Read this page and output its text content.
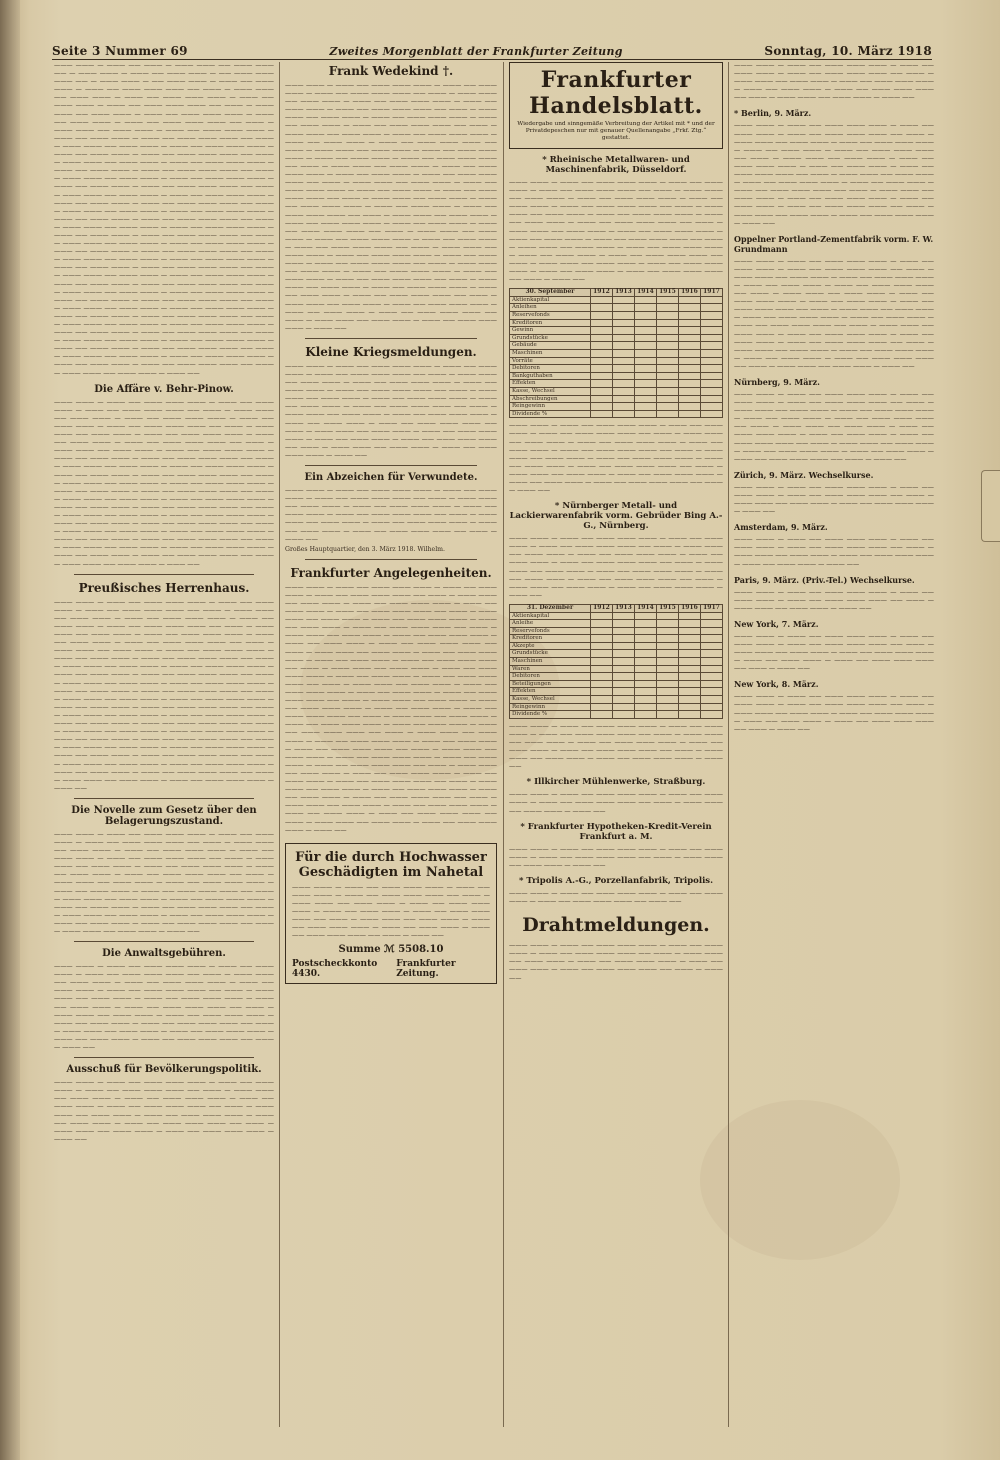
Seite 3 Nummer 69	Zweites Morgenblatt der Frankfurter Zeitung	Sonntag, 10. März 1918

​——— ——— — ——— —— ——— — ——— ——— —— ——— ——— —— — ——— ——— — ——— —— ——— ——— — —— ——— ——— ——— —— — ——— ——— — —— ——— ——— — ——— —— ——— ——— — ——— —— ——— ——— ——— —— ——— — ——— ——— —— ——— ——— — ——— —— ——— ——— ——— — ——— —— ——— ——— — ——— —— ——— ——— ——— —— ——— — ——— ——— —— ——— ——— — ——— —— ——— ——— ——— — ——— —— ——— ——— — ——— —— ——— ——— ——— —— ——— — ——— ——— —— ——— ——— — ——— —— ——— ——— ——— — ——— —— ——— ——— — ——— —— ——— ——— ——— —— ——— — ——— ——— —— ——— ——— — ——— —— ——— ——— ——— — ——— —— ——— ——— — ——— —— ——— ——— ——— —— ——— — ——— ——— —— ——— ——— — ——— —— ——— ——— ——— — ——— —— ——— ——— — ——— —— ——— ——— ——— —— ——— — ——— ——— —— ——— ——— — ——— —— ——— ——— ——— — ——— —— ——— ——— — ——— —— ——— ——— ——— —— ——— — ——— ——— —— ——— ——— — ——— —— ——— ——— ——— — ——— —— ——— ——— — ——— —— ——— ——— ——— —— ——— — ——— ——— —— ——— ——— — ——— —— ——— ——— ——— — ——— —— ——— ——— — ——— —— ——— ——— ——— —— ——— — ——— ——— —— ——— ——— — ——— —— ——— ——— ——— — ——— —— ——— ——— — ——— —— ——— ——— ——— —— ——— — ——— ——— —— ——— ——— — ——— —— ——— ——— ——— — ——— —— ——— ——— — ——— —— ——— ——— ——— —— ——— — ——— ——— —— ——— ——— — ——— —— ——— ——— ——— — ——— —— ——— ——— — ——— —— ——— ——— ——— —— ——— — ——— ——— —— ——— ——— — ——— —— ——— ——— ——— — ——— —— ——— ——— — ——— —— ——— ——— ——— —— ——— — ——— ——— —— ——— ——— — ——— —— ——— ——— ——— — ——— —— ——— ——— — ——— —— ——— ——— ——— —— ——— — ——— ——— —— ——— ——— — ——— —— ——— ——— ——— — ——— —— ——— ——— — ——— —— ——— ——— ——— —— ——— — ——— ——— —— ——— ——— — ——— —— ——— ——— ——— — ——— —— ——— ——— — ——— —— ——— ——— ——— —— ——— — ——— ——— —— ——— ——— — ——— —— ——— ——— ——— — ——— —— ——— ——— — ——— —— ——— ——— ——— —— ——— — ——— ——— —— ——— ——— — ——— —— ——— ——— ——— — ——— —— ——— ——— — ——— —— ——— ——— ——— —— ——— — ——— ——— —— ——— ——— — ——— ——

Die Affäre v. Behr-Pinow.

——— ——— — ——— —— ——— ——— ——— — ——— —— ——— ——— — ——— —— ——— ——— ——— —— ——— — ——— ——— —— ——— ——— — ——— —— ——— ——— ——— — ——— —— ——— ——— — ——— —— ——— ——— ——— —— ——— — ——— ——— —— ——— ——— — ——— —— ——— ——— ——— — ——— —— ——— ——— — ——— —— ——— ——— ——— —— ——— — ——— ——— —— ——— ——— — ——— —— ——— ——— ——— — ——— —— ——— ——— — ——— —— ——— ——— ——— —— ——— — ——— ——— —— ——— ——— — ——— —— ——— ——— ——— — ——— —— ——— ——— — ——— —— ——— ——— ——— —— ——— — ——— ——— —— ——— ——— — ——— —— ——— ——— ——— — ——— —— ——— ——— — ——— —— ——— ——— ——— —— ——— — ——— ——— —— ——— ——— — ——— —— ——— ——— ——— — ——— —— ——— ——— — ——— —— ——— ——— ——— —— ——— — ——— ——— —— ——— ——— — ——— —— ——— ——— ——— — ——— —— ——— ——— — ——— —— ——— ——— ——— —— ——— — ——— ——— —— ——— ——— — ——— —— ——— ——— ——— — ——— —— ——— ——— — ——— —— ——— ——— ——— —— ——— — ——— ——— —— ——— ——— — ——— —— ——— ——— ——— — ——— —— ——— ——— — ——— —— ——— ——— ——— —— ——— — ——— ——— —— ——— ——— — ——— ——

Preußisches Herrenhaus.

——— ——— — ——— —— ——— ——— ——— — ——— —— ——— ——— — ——— —— ——— ——— ——— —— ——— — ——— ——— —— ——— ——— — ——— —— ——— ——— ——— — ——— —— ——— ——— — ——— —— ——— ——— ——— —— ——— — ——— ——— —— ——— ——— — ——— —— ——— ——— ——— — ——— —— ——— ——— — ——— —— ——— ——— ——— —— ——— — ——— ——— —— ——— ——— — ——— —— ——— ——— ——— — ——— —— ——— ——— — ——— —— ——— ——— ——— —— ——— — ——— ——— —— ——— ——— — ——— —— ——— ——— ——— — ——— —— ——— ——— — ——— —— ——— ——— ——— —— ——— — ——— ——— —— ——— ——— — ——— —— ——— ——— ——— — ——— —— ——— ——— — ——— —— ——— ——— ——— —— ——— — ——— ——— —— ——— ——— — ——— —— ——— ——— ——— — ——— —— ——— ——— — ——— —— ——— ——— ——— —— ——— — ——— ——— —— ——— ——— — ——— —— ——— ——— ——— — ——— —— ——— ——— — ——— —— ——— ——— ——— —— ——— — ——— ——— —— ——— ——— — ——— —— ——— ——— ——— — ——— —— ——— ——— — ——— —— ——— ——— ——— —— ——— — ——— ——— —— ——— ——— — ——— —— ——— ——— ——— — ——— —— ——— ——— — ——— —— ——— ——— ——— —— ——— — ——— ——— —— ——— ——— — ——— —— ——— ——— ——— — ——— —— ——— ——— — ——— —— ——— ——— ——— —— ——— — ——— ——— —— ——— ——— — ——— —— ——— ——— ——— — ——— ——

Die Novelle zum Gesetz über den Belagerungszustand.

——— ——— — ——— —— ——— ——— ——— — ——— —— ——— ——— — ——— —— ——— ——— ——— —— ——— — ——— ——— —— ——— ——— — ——— —— ——— ——— ——— — ——— —— ——— ——— — ——— —— ——— ——— ——— —— ——— — ——— ——— —— ——— ——— — ——— —— ——— ——— ——— — ——— —— ——— ——— — ——— —— ——— ——— ——— —— ——— — ——— ——— —— ——— ——— — ——— —— ——— ——— ——— — ——— —— ——— ——— — ——— —— ——— ——— ——— —— ——— — ——— ——— —— ——— ——— — ——— —— ——— ——— ——— — ——— —— ——— ——— — ——— —— ——— ——— ——— —— ——— — ——— ——— —— ——— ——— — ——— —— ——— ——— ——— — ——— —— ——— ——— — ——— —— ——— ——— ——— —— ——— — ——— ——— —— ——— ——— — ——— ——

Die Anwaltsgebühren.

——— ——— — ——— —— ——— ——— ——— — ——— —— ——— ——— — ——— —— ——— ——— ——— —— ——— — ——— ——— —— ——— ——— — ——— —— ——— ——— ——— — ——— —— ——— ——— — ——— —— ——— ——— ——— —— ——— — ——— ——— —— ——— ——— — ——— —— ——— ——— ——— — ——— —— ——— ——— — ——— —— ——— ——— ——— —— ——— — ——— ——— —— ——— ——— — ——— —— ——— ——— ——— — ——— —— ——— ——— — ——— —— ——— ——— ——— —— ——— — ——— ——— —— ——— ——— — ——— —— ——— ——— ——— — ——— —— ——— ——— — ——— —— ——— ——— ——— —— ——— — ——— ——

Ausschuß für Bevölkerungspolitik.

——— ——— — ——— —— ——— ——— ——— — ——— —— ——— ——— — ——— —— ——— ——— ——— —— ——— — ——— ——— —— ——— ——— — ——— —— ——— ——— ——— — ——— —— ——— ——— — ——— —— ——— ——— ——— —— ——— — ——— ——— —— ——— ——— — ——— —— ——— ——— ——— — ——— —— ——— ——— — ——— —— ——— ——— ——— —— ——— — ——— ——— —— ——— ——— — ——— —— ——— ——— ——— — ——— ——

Frank Wedekind †.

——— ——— — ——— —— ——— ——— ——— — ——— —— ——— ——— — ——— —— ——— ——— ——— —— ——— — ——— ——— —— ——— ——— — ——— —— ——— ——— ——— — ——— —— ——— ——— — ——— —— ——— ——— ——— —— ——— — ——— ——— —— ——— ——— — ——— —— ——— ——— ——— — ——— —— ——— ——— — ——— —— ——— ——— ——— —— ——— — ——— ——— —— ——— ——— — ——— —— ——— ——— ——— — ——— —— ——— ——— — ——— —— ——— ——— ——— —— ——— — ——— ——— —— ——— ——— — ——— —— ——— ——— ——— — ——— —— ——— ——— — ——— —— ——— ——— ——— —— ——— — ——— ——— —— ——— ——— — ——— —— ——— ——— ——— — ——— —— ——— ——— — ——— —— ——— ——— ——— —— ——— — ——— ——— —— ——— ——— — ——— —— ——— ——— ——— — ——— —— ——— ——— — ——— —— ——— ——— ——— —— ——— — ——— ——— —— ——— ——— — ——— —— ——— ——— ——— — ——— —— ——— ——— — ——— —— ——— ——— ——— —— ——— — ——— ——— —— ——— ——— — ——— —— ——— ——— ——— — ——— —— ——— ——— — ——— —— ——— ——— ——— —— ——— — ——— ——— —— ——— ——— — ——— —— ——— ——— ——— — ——— —— ——— ——— — ——— —— ——— ——— ——— —— ——— — ——— ——— —— ——— ——— — ——— —— ——— ——— ——— — ——— —— ——— ——— — ——— —— ——— ——— ——— —— ——— — ——— ——— —— ——— ——— — ——— —— ——— ——— ——— — ——— —— ——— ——— — ——— —— ——— ——— ——— —— ——— — ——— ——— —— ——— ——— — ——— —— ——— ——— ——— — ——— —— ——— ——— — ——— —— ——— ——— ——— —— ——— — ——— ——— —— ——— ——— — ——— —— ——— ——— ——— — ——— —— ——— ——— — ——— —— ——— ——— ——— —— ——— — ——— ——— —— ——— ——— — ——— —— ——— ——— ——— — ——— ——

Kleine Kriegsmeldungen.

——— ——— — ——— —— ——— ——— ——— — ——— —— ——— ——— — ——— —— ——— ——— ——— —— ——— — ——— ——— —— ——— ——— — ——— —— ——— ——— ——— — ——— —— ——— ——— — ——— —— ——— ——— ——— —— ——— — ——— ——— —— ——— ——— — ——— —— ——— ——— ——— — ——— —— ——— ——— — ——— —— ——— ——— ——— —— ——— — ——— ——— —— ——— ——— — ——— —— ——— ——— ——— — ——— —— ——— ——— — ——— —— ——— ——— ——— —— ——— — ——— ——— —— ——— ——— — ——— —— ——— ——— ——— — ——— —— ——— ——— — ——— —— ——— ——— ——— —— ——— — ——— ——— —— ——— ——— — ——— —— ——— ——— ——— — ——— ——

Ein Abzeichen für Verwundete.

——— ——— — ——— —— ——— ——— ——— — ——— —— ——— ——— — ——— —— ——— ——— ——— —— ——— — ——— ——— —— ——— ——— — ——— —— ——— ——— ——— — ——— —— ——— ——— — ——— —— ——— ——— ——— —— ——— — ——— ——— —— ——— ——— — ——— —— ——— ——— ——— — ——— —— ——— ——— — ——— —— ——— ——— ——— —— ——— — ——— ——

Großes Hauptquartier, den 3. März 1918. Wilhelm.

Frankfurter Angelegenheiten.

——— ——— — ——— —— ——— ——— ——— — ——— —— ——— ——— — ——— —— ——— ——— ——— —— ——— — ——— ——— —— ——— ——— — ——— —— ——— ——— ——— — ——— —— ——— ——— — ——— —— ——— ——— ——— —— ——— — ——— ——— —— ——— ——— — ——— —— ——— ——— ——— — ——— —— ——— ——— — ——— —— ——— ——— ——— —— ——— — ——— ——— —— ——— ——— — ——— —— ——— ——— ——— — ——— —— ——— ——— — ——— —— ——— ——— ——— —— ——— — ——— ——— —— ——— ——— — ——— —— ——— ——— ——— — ——— —— ——— ——— — ——— —— ——— ——— ——— —— ——— — ——— ——— —— ——— ——— — ——— —— ——— ——— ——— — ——— —— ——— ——— — ——— —— ——— ——— ——— —— ——— — ——— ——— —— ——— ——— — ——— —— ——— ——— ——— — ——— —— ——— ——— — ——— —— ——— ——— ——— —— ——— — ——— ——— —— ——— ——— — ——— —— ——— ——— ——— — ——— —— ——— ——— — ——— —— ——— ——— ——— —— ——— — ——— ——— —— ——— ——— — ——— —— ——— ——— ——— — ——— —— ——— ——— — ——— —— ——— ——— ——— —— ——— — ——— ——— —— ——— ——— — ——— —— ——— ——— ——— — ——— —— ——— ——— — ——— —— ——— ——— ——— —— ——— — ——— ——— —— ——— ——— — ——— —— ——— ——— ——— — ——— —— ——— ——— — ——— —— ——— ——— ——— —— ——— — ——— ——— —— ——— ——— — ——— —— ——— ——— ——— — ——— —— ——— ——— — ——— —— ——— ——— ——— —— ——— — ——— ——— —— ——— ——— — ——— —— ——— ——— ——— — ——— —— ——— ——— — ——— —— ——— ——— ——— —— ——— — ——— ——— —— ——— ——— — ——— —— ——— ——— ——— — ——— —— ——— ——— — ——— —— ——— ——— ——— —— ——— — ——— ——— —— ——— ——— — ——— —— ——— ——— ——— — ——— ——

Für die durch Hochwasser Geschädigten im Nahetal

——— ——— — ——— —— ——— ——— ——— — ——— —— ——— ——— — ——— —— ——— ——— ——— —— ——— — ——— ——— —— ——— ——— — ——— —— ——— ——— ——— — ——— —— ——— ——— — ——— —— ——— ——— ——— —— ——— — ——— ——— —— ——— ——— — ——— —— ——— ——— ——— — ——— —— ——— ——— — ——— —— ——— ——— ——— —— ——— — ——— ——

Summe ℳ 5508.10
Postscheckkonto 4430.
Frankfurter Zeitung.
Frankfurter Handelsblatt.

Wiedergabe und sinngemäße Verbreitung der Artikel mit * und der Privatdepeschen nur mit genauer Quellenangabe „Frkf. Ztg.“ gestattet.

* Rheinische Metallwaren- und Maschinenfabrik, Düsseldorf.

——— ——— — ——— —— ——— ——— ——— — ——— —— ——— ——— — ——— —— ——— ——— ——— —— ——— — ——— ——— —— ——— ——— — ——— —— ——— ——— ——— — ——— —— ——— ——— — ——— —— ——— ——— ——— —— ——— — ——— ——— —— ——— ——— — ——— —— ——— ——— ——— — ——— —— ——— ——— — ——— —— ——— ——— ——— —— ——— — ——— ——— —— ——— ——— — ——— —— ——— ——— ——— — ——— —— ——— ——— — ——— —— ——— ——— ——— —— ——— — ——— ——— —— ——— ——— — ——— —— ——— ——— ——— — ——— —— ——— ——— — ——— —— ——— ——— ——— —— ——— — ——— ——— —— ——— ——— — ——— —— ——— ——— ——— — ——— —— ——— ——— — ——— —— ——— ——— ——— —— ——— — ——— ——

30. September	1912	1913	1914	1915	1916	1917
Aktienkapital						
Anleihen						
Reservefonds						
Kreditoren						
Gewinn						
Grundstücke						
Gebäude						
Maschinen						
Vorräte						
Debitoren						
Bankguthaben						
Effekten						
Kasse, Wechsel						
Abschreibungen						
Reingewinn						
Dividende %						

——— ——— — ——— —— ——— ——— ——— — ——— —— ——— ——— — ——— —— ——— ——— ——— —— ——— — ——— ——— —— ——— ——— — ——— —— ——— ——— ——— — ——— —— ——— ——— — ——— —— ——— ——— ——— —— ——— — ——— ——— —— ——— ——— — ——— —— ——— ——— ——— — ——— —— ——— ——— — ——— —— ——— ——— ——— —— ——— — ——— ——— —— ——— ——— — ——— —— ——— ——— ——— — ——— —— ——— ——— — ——— —— ——— ——— ——— —— ——— — ——— ——

* Nürnberger Metall- und Lackierwarenfabrik vorm. Gebrüder Bing A.-G., Nürnberg.

——— ——— — ——— —— ——— ——— ——— — ——— —— ——— ——— — ——— —— ——— ——— ——— —— ——— — ——— ——— —— ——— ——— — ——— —— ——— ——— ——— — ——— —— ——— ——— — ——— —— ——— ——— ——— —— ——— — ——— ——— —— ——— ——— — ——— —— ——— ——— ——— — ——— —— ——— ——— — ——— —— ——— ——— ——— —— ——— — ——— ——— —— ——— ——— — ——— —— ——— ——— ——— — ——— ——

31. Dezember	1912	1913	1914	1915	1916	1917
Aktienkapital						
Anleihe						
Reservefonds						
Kreditoren						
Akzepte						
Grundstücke						
Maschinen						
Waren						
Debitoren						
Beteiligungen						
Effekten						
Kasse, Wechsel						
Reingewinn						
Dividende %						

——— ——— — ——— —— ——— ——— ——— — ——— —— ——— ——— — ——— —— ——— ——— ——— —— ——— — ——— ——— —— ——— ——— — ——— —— ——— ——— ——— — ——— —— ——— ——— — ——— —— ——— ——— ——— —— ——— — ——— ——— —— ——— ——— — ——— —— ——— ——— ——— — ——— ——

* Illkircher Mühlenwerke, Straßburg.

——— ——— — ——— —— ——— ——— ——— — ——— —— ——— ——— — ——— —— ——— ——— ——— —— ——— — ——— ——— —— ——— ——— — ——— ——

* Frankfurter Hypotheken-Kredit-Verein Frankfurt a. M.

——— ——— — ——— —— ——— ——— ——— — ——— —— ——— ——— — ——— —— ——— ——— ——— —— ——— — ——— ——— —— ——— ——— — ——— ——

* Tripolis A.-G., Porzellanfabrik, Tripolis.

——— ——— — ——— —— ——— ——— ——— — ——— —— ——— ——— — ——— —— ——— ——— ——— —— ——— ——

Drahtmeldungen.

——— ——— — ——— —— ——— ——— ——— — ——— —— ——— ——— — ——— —— ——— ——— ——— —— ——— — ——— ——— —— ——— ——— — ——— —— ——— ——— ——— — ——— —— ——— ——— — ——— —— ——— ——— ——— —— ——— — ——— ——

——— ——— — ——— —— ——— ——— ——— — ——— —— ——— ——— — ——— —— ——— ——— ——— —— ——— — ——— ——— —— ——— ——— — ——— —— ——— ——— ——— — ——— —— ——— ——— — ——— —— ——— ——— ——— —— ——— — ——— ——— —— ——— ——— — ——— ——

* Berlin, 9. März.

——— ——— — ——— —— ——— ——— ——— — ——— —— ——— ——— — ——— —— ——— ——— ——— —— ——— — ——— ——— —— ——— ——— — ——— —— ——— ——— ——— — ——— —— ——— ——— — ——— —— ——— ——— ——— —— ——— — ——— ——— —— ——— ——— — ——— —— ——— ——— ——— — ——— —— ——— ——— — ——— —— ——— ——— ——— —— ——— — ——— ——— —— ——— ——— — ——— —— ——— ——— ——— — ——— —— ——— ——— — ——— —— ——— ——— ——— —— ——— — ——— ——— —— ——— ——— — ——— —— ——— ——— ——— — ——— —— ——— ——— — ——— —— ——— ——— ——— —— ——— — ——— ——— —— ——— ——— — ——— —— ——— ——— ——— — ——— ——

Oppelner Portland-Zementfabrik vorm. F. W. Grundmann

——— ——— — ——— —— ——— ——— ——— — ——— —— ——— ——— — ——— —— ——— ——— ——— —— ——— — ——— ——— —— ——— ——— — ——— —— ——— ——— ——— — ——— —— ——— ——— — ——— —— ——— ——— ——— —— ——— — ——— ——— —— ——— ——— — ——— —— ——— ——— ——— — ——— —— ——— ——— — ——— —— ——— ——— ——— —— ——— — ——— ——— —— ——— ——— — ——— —— ——— ——— ——— — ——— —— ——— ——— — ——— —— ——— ——— ——— —— ——— — ——— ——— —— ——— ——— — ——— —— ——— ——— ——— — ——— —— ——— ——— — ——— —— ——— ——— ——— —— ——— — ——— ——— —— ——— ——— — ——— —— ——— ——— ——— — ——— —— ——— ——— — ——— —— ——— ——— ——— —— ——— — ——— ——— —— ——— ——— — ——— ——

Nürnberg, 9. März.

——— ——— — ——— —— ——— ——— ——— — ——— —— ——— ——— — ——— —— ——— ——— ——— —— ——— — ——— ——— —— ——— ——— — ——— —— ——— ——— ——— — ——— —— ——— ——— — ——— —— ——— ——— ——— —— ——— — ——— ——— —— ——— ——— — ——— —— ——— ——— ——— — ——— —— ——— ——— — ——— —— ——— ——— ——— —— ——— — ——— ——— —— ——— ——— — ——— —— ——— ——— ——— — ——— —— ——— ——— — ——— —— ——— ——— ——— —— ——— — ——— ——

Zürich, 9. März. Wechselkurse.

——— ——— — ——— —— ——— ——— ——— — ——— —— ——— ——— — ——— —— ——— ——— ——— —— ——— — ——— ——— —— ——— ——— — ——— —— ——— ——— ——— — ——— ——

Amsterdam, 9. März.

——— ——— — ——— —— ——— ——— ——— — ——— —— ——— ——— — ——— —— ——— ——— ——— —— ——— — ——— ——— —— ——— ——— — ——— —— ——— ——— ——— — ——— —— ——— ——— — ——— ——

Paris, 9. März. (Priv.-Tel.) Wechselkurse.

——— ——— — ——— —— ——— ——— ——— — ——— —— ——— ——— — ——— —— ——— ——— ——— —— ——— — ——— ——— —— ——— ——— — ——— ——

New York, 7. März.

——— ——— — ——— —— ——— ——— ——— — ——— —— ——— ——— — ——— —— ——— ——— ——— —— ——— — ——— ——— —— ——— ——— — ——— —— ——— ——— ——— — ——— —— ——— ——— — ——— —— ——— ——— ——— —— ——— — ——— ——

New York, 8. März.

——— ——— — ——— —— ——— ——— ——— — ——— —— ——— ——— — ——— —— ——— ——— ——— —— ——— — ——— ——— —— ——— ——— — ——— —— ——— ——— ——— — ——— —— ——— ——— — ——— —— ——— ——— ——— —— ——— — ——— ——
